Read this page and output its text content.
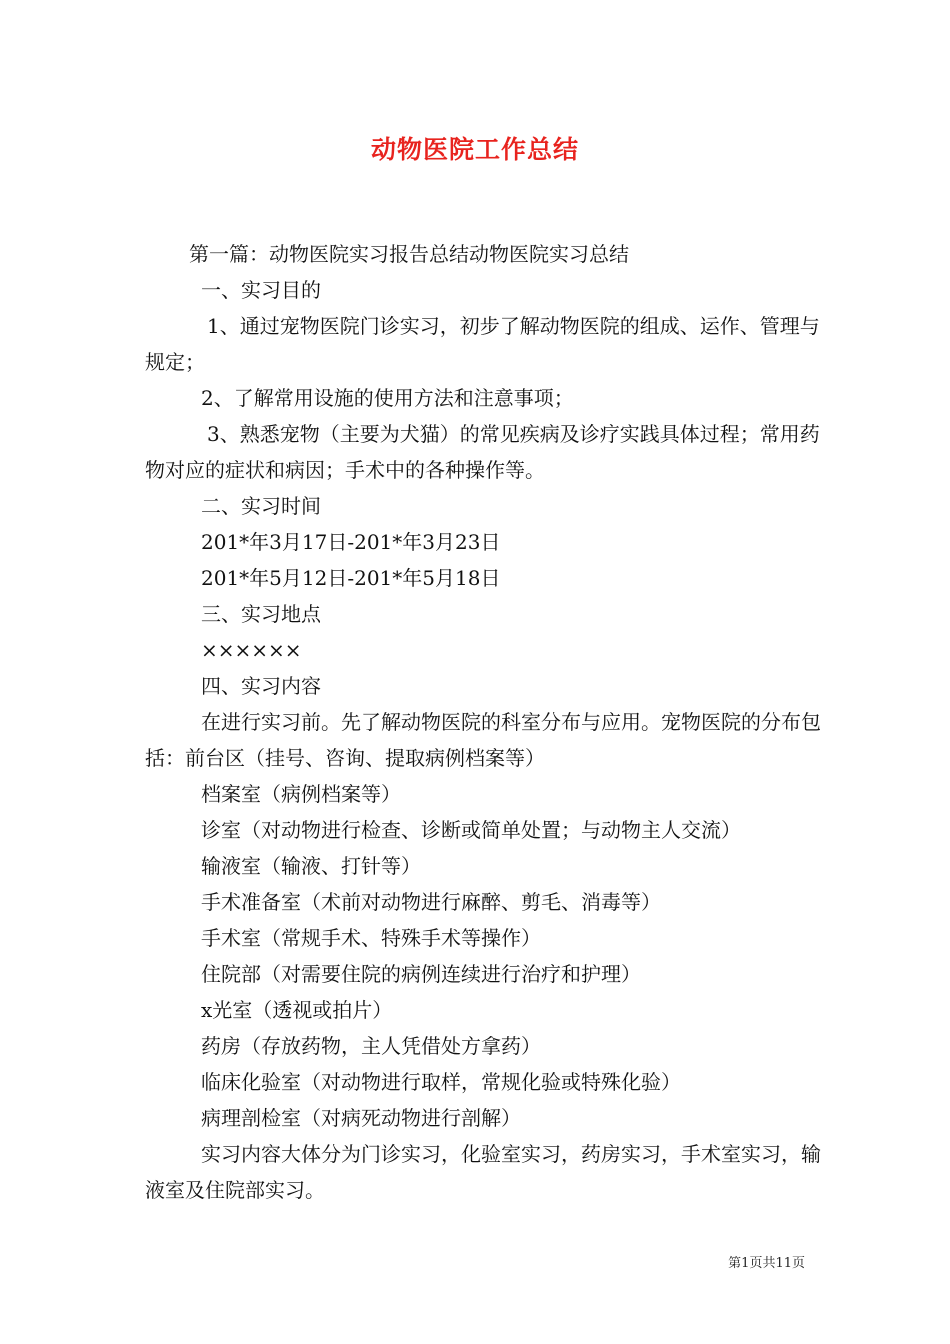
动物医院工作总结

第一篇：动物医院实习报告总结动物医院实习总结

一、实习目的

1、通过宠物医院门诊实习，初步了解动物医院的组成、运作、管理与规定；

2、了解常用设施的使用方法和注意事项；

3、熟悉宠物（主要为犬猫）的常见疾病及诊疗实践具体过程；常用药物对应的症状和病因；手术中的各种操作等。

二、实习时间

201*年3月17日-201*年3月23日

201*年5月12日-201*年5月18日

三、实习地点

××××××

四、实习内容

在进行实习前。先了解动物医院的科室分布与应用。宠物医院的分布包括：前台区（挂号、咨询、提取病例档案等）

档案室（病例档案等）

诊室（对动物进行检查、诊断或简单处置；与动物主人交流）

输液室（输液、打针等）

手术准备室（术前对动物进行麻醉、剪毛、消毒等）

手术室（常规手术、特殊手术等操作）

住院部（对需要住院的病例连续进行治疗和护理）

x光室（透视或拍片）

药房（存放药物，主人凭借处方拿药）

临床化验室（对动物进行取样，常规化验或特殊化验）

病理剖检室（对病死动物进行剖解）

实习内容大体分为门诊实习，化验室实习，药房实习，手术室实习，输液室及住院部实习。

第1页共11页
